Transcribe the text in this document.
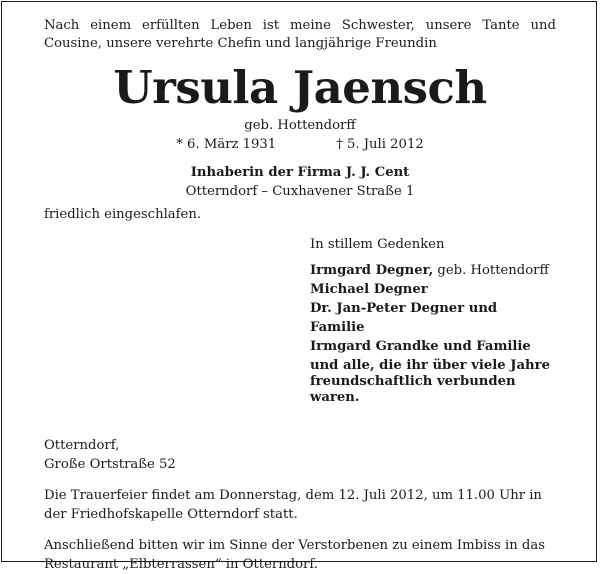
Nach einem erfüllten Leben ist meine Schwester, unsere Tante und
Cousine, unsere verehrte Chefin und langjährige Freundin

Ursula Jaensch
geb. Hottendorff
* 6. März 1931	† 5. Juli 2012
Inhaberin der Firma J. J. Cent
Otterndorf – Cuxhavener Straße 1
friedlich eingeschlafen.
In stillem Gedenken
Irmgard Degner, geb. Hottendorff
Michael Degner
Dr. Jan-Peter Degner und Familie
Irmgard Grandke und Familie
und alle, die ihr über viele Jahre
freundschaftlich verbunden waren.
Otterndorf,
Große Ortstraße 52
Die Trauerfeier findet am Donnerstag, dem 12. Juli 2012, um 11.00 Uhr in
der Friedhofskapelle Otterndorf statt.
Anschließend bitten wir im Sinne der Verstorbenen zu einem Imbiss in das
Restaurant „Elbterrassen“ in Otterndorf.
